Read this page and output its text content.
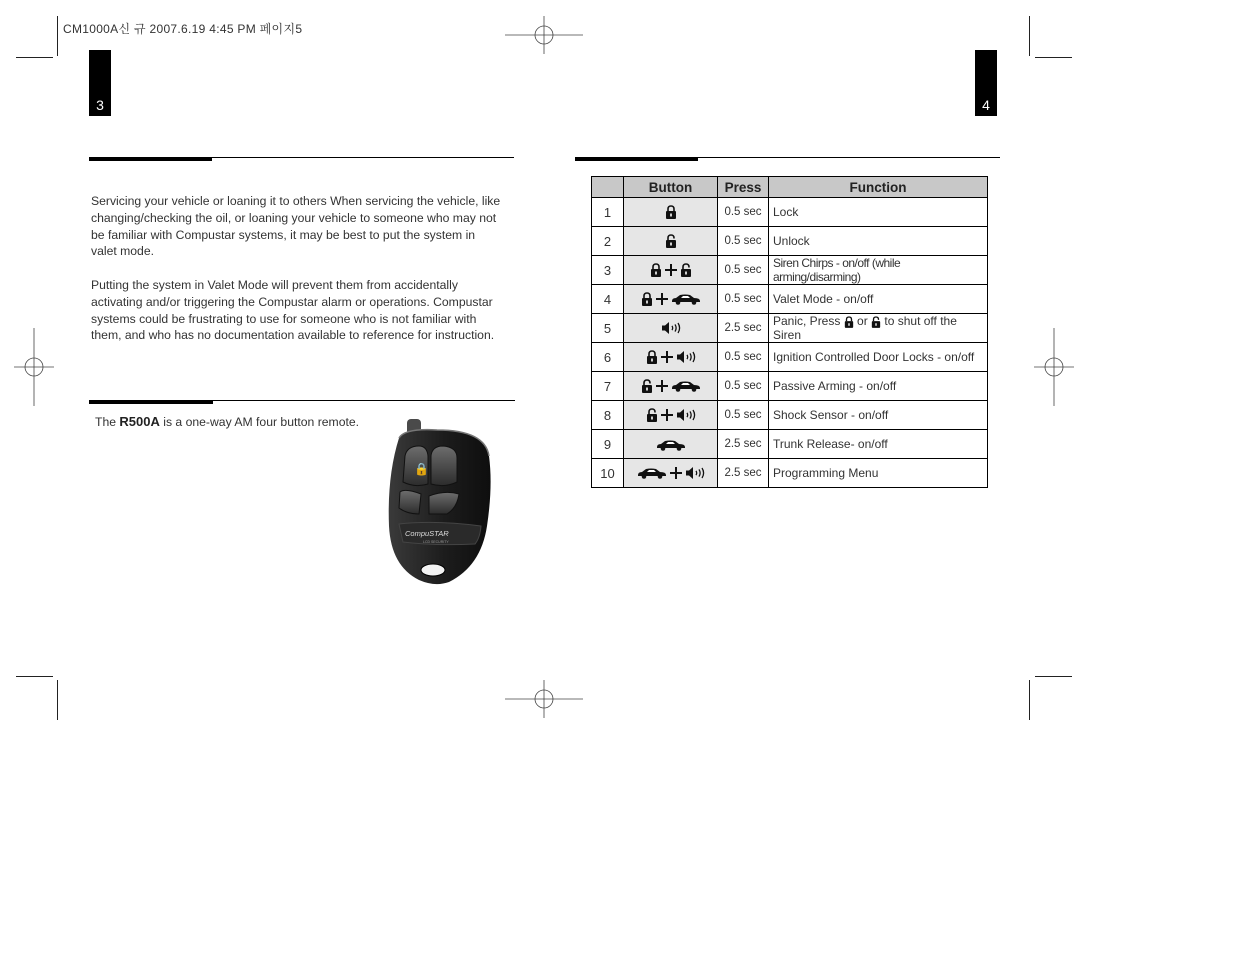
CM1000A신 규 2007.6.19 4:45 PM 페이지5
3	4
Servicing your vehicle or loaning it to others When servicing the vehicle, like changing/checking the oil, or loaning your vehicle to someone who may not be familiar with Compustar systems, it may be best to put the system in valet mode.
Putting the system in Valet Mode will prevent them from accidentally activating and/or triggering the Compustar alarm or operations. Compustar systems could be frustrating to use for someone who is not familiar with them, and who has no documentation available to reference for instruction.
The R500A is a one-way AM four button remote.
🔒
CompuSTAR
LCD SECURITY
	Button	Press	Function
1		0.5 sec	Lock
2		0.5 sec	Unlock
3		0.5 sec	Siren Chirps - on/off (while arming/disarming)
4		0.5 sec	Valet Mode - on/off
5		2.5 sec	Panic, Press
or
to shut off the Siren
6		0.5 sec	Ignition Controlled Door Locks - on/off
7		0.5 sec	Passive Arming - on/off
8		0.5 sec	Shock Sensor - on/off
9		2.5 sec	Trunk Release- on/off
10		2.5 sec	Programming Menu
